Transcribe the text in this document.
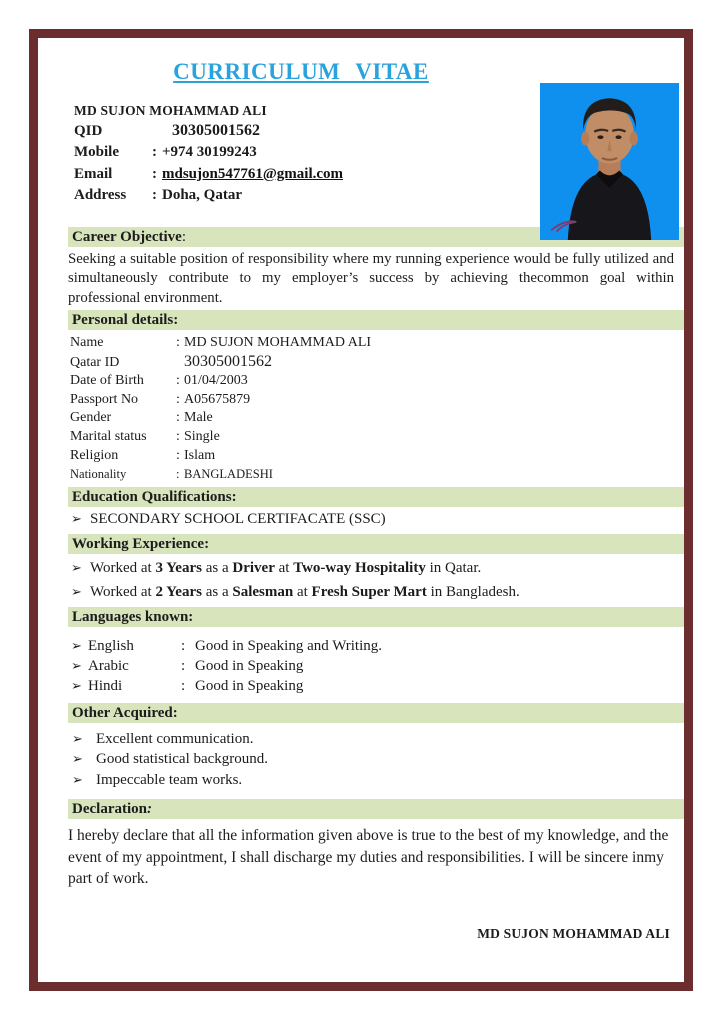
CURRICULUM VITAE
MD SUJON MOHAMMAD ALI
QID	30305001562
Mobile : +974 30199243
Email	: mdsujon547761@gmail.com
Address : Doha, Qatar
Career Objective:

Seeking a suitable position of responsibility where my running experience would be fully utilized and simultaneously contribute to my employer’s success by achieving thecommon goal within professional environment.

Personal details:
Name	: MD SUJON MOHAMMAD ALI
Qatar ID	30305001562
Date of Birth : 01/04/2003
Passport No	: A05675879
Gender	: Male
Marital status : Single
Religion	: Islam
Nationality	: BANGLADESHI
Education Qualifications:
➢ SECONDARY SCHOOL CERTIFACATE (SSC)
Working Experience:
➢ Worked at 3 Years as a Driver at Two-way Hospitality in Qatar.
➢ Worked at 2 Years as a Salesman at Fresh Super Mart in Bangladesh.
Languages known:
➢ English	: Good in Speaking and Writing.
➢ Arabic	: Good in Speaking
➢ Hindi	: Good in Speaking
Other Acquired:
➢ Excellent communication.
➢ Good statistical background.
➢ Impeccable team works.
Declaration:

I hereby declare that all the information given above is true to the best of my knowledge, and the event of my appointment, I shall discharge my duties and responsibilities. I will be sincere inmy part of work.

MD SUJON MOHAMMAD ALI
